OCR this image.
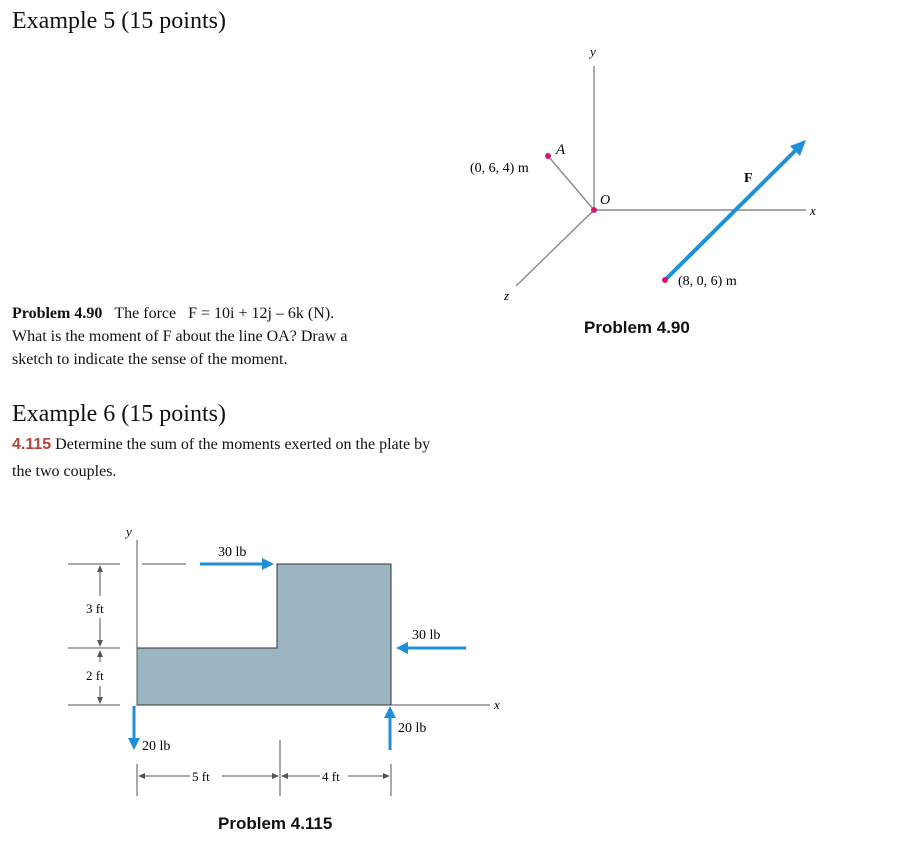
Example 5 (15 points)
y
x
z
O
A
(0, 6, 4) m
F
(8, 0, 6) m
Problem 4.90
Problem 4.90 The force F = 10i + 12j – 6k (N).
What is the moment of F about the line OA? Draw a
sketch to indicate the sense of the moment.
Example 6 (15 points)
4.115 Determine the sum of the moments exerted on the plate by
the two couples.
y
x
3 ft
2 ft
30 lb
30 lb
20 lb
20 lb
5 ft	4 ft
Problem 4.115
